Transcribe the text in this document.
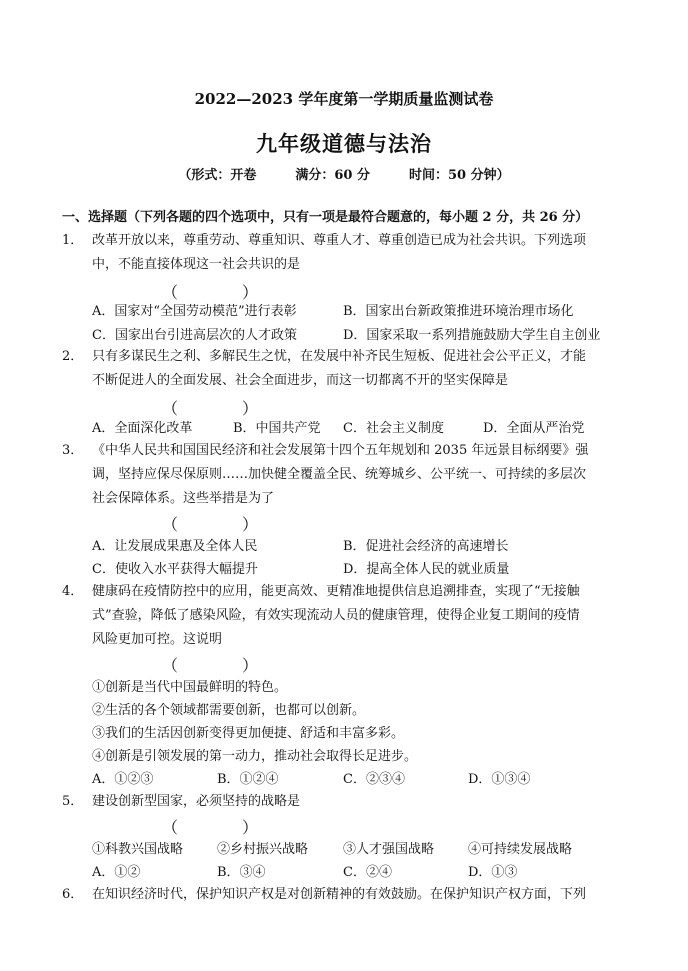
2022—2023 学年度第一学期质量监测试卷
九年级道德与法治
（形式：开卷　　　满分：60 分　　　时间：50 分钟）
一、选择题（下列各题的四个选项中，只有一项是最符合题意的，每小题 2 分，共 26 分）
1． 改革开放以来，尊重劳动、尊重知识、尊重人才、尊重创造已成为社会共识。下列选项
中，不能直接体现这一社会共识的是
（　　　　）
A．国家对“全国劳动模范”进行表彰	B．国家出台新政策推进环境治理市场化
C．国家出台引进高层次的人才政策	D．国家采取一系列措施鼓励大学生自主创业
2． 只有多谋民生之利、多解民生之忧，在发展中补齐民生短板、促进社会公平正义，才能
不断促进人的全面发展、社会全面进步，而这一切都离不开的坚实保障是
（　　　　）
A．全面深化改革	B．中国共产党 C．社会主义制度	D．全面从严治党
3． 《中华人民共和国国民经济和社会发展第十四个五年规划和 2035 年远景目标纲要》强
调，坚持应保尽保原则……加快健全覆盖全民、统筹城乡、公平统一、可持续的多层次
社会保障体系。这些举措是为了
（　　　　）
A．让发展成果惠及全体人民	B．促进社会经济的高速增长
C．使收入水平获得大幅提升	D．提高全体人民的就业质量
4． 健康码在疫情防控中的应用，能更高效、更精准地提供信息追溯排查，实现了“无接触
式”查验，降低了感染风险，有效实现流动人员的健康管理，使得企业复工期间的疫情
风险更加可控。这说明
（　　　　）
①创新是当代中国最鲜明的特色。
②生活的各个领域都需要创新，也都可以创新。
③我们的生活因创新变得更加便捷、舒适和丰富多彩。
④创新是引领发展的第一动力，推动社会取得长足进步。
A．①②③	B．①②④	C．②③④	D．①③④
5． 建设创新型国家，必须坚持的战略是
（　　　　）
①科教兴国战略	②乡村振兴战略	③人才强国战略	④可持续发展战略
A．①②	B．③④	C．②④	D．①③
6． 在知识经济时代，保护知识产权是对创新精神的有效鼓励。在保护知识产权方面，下列
